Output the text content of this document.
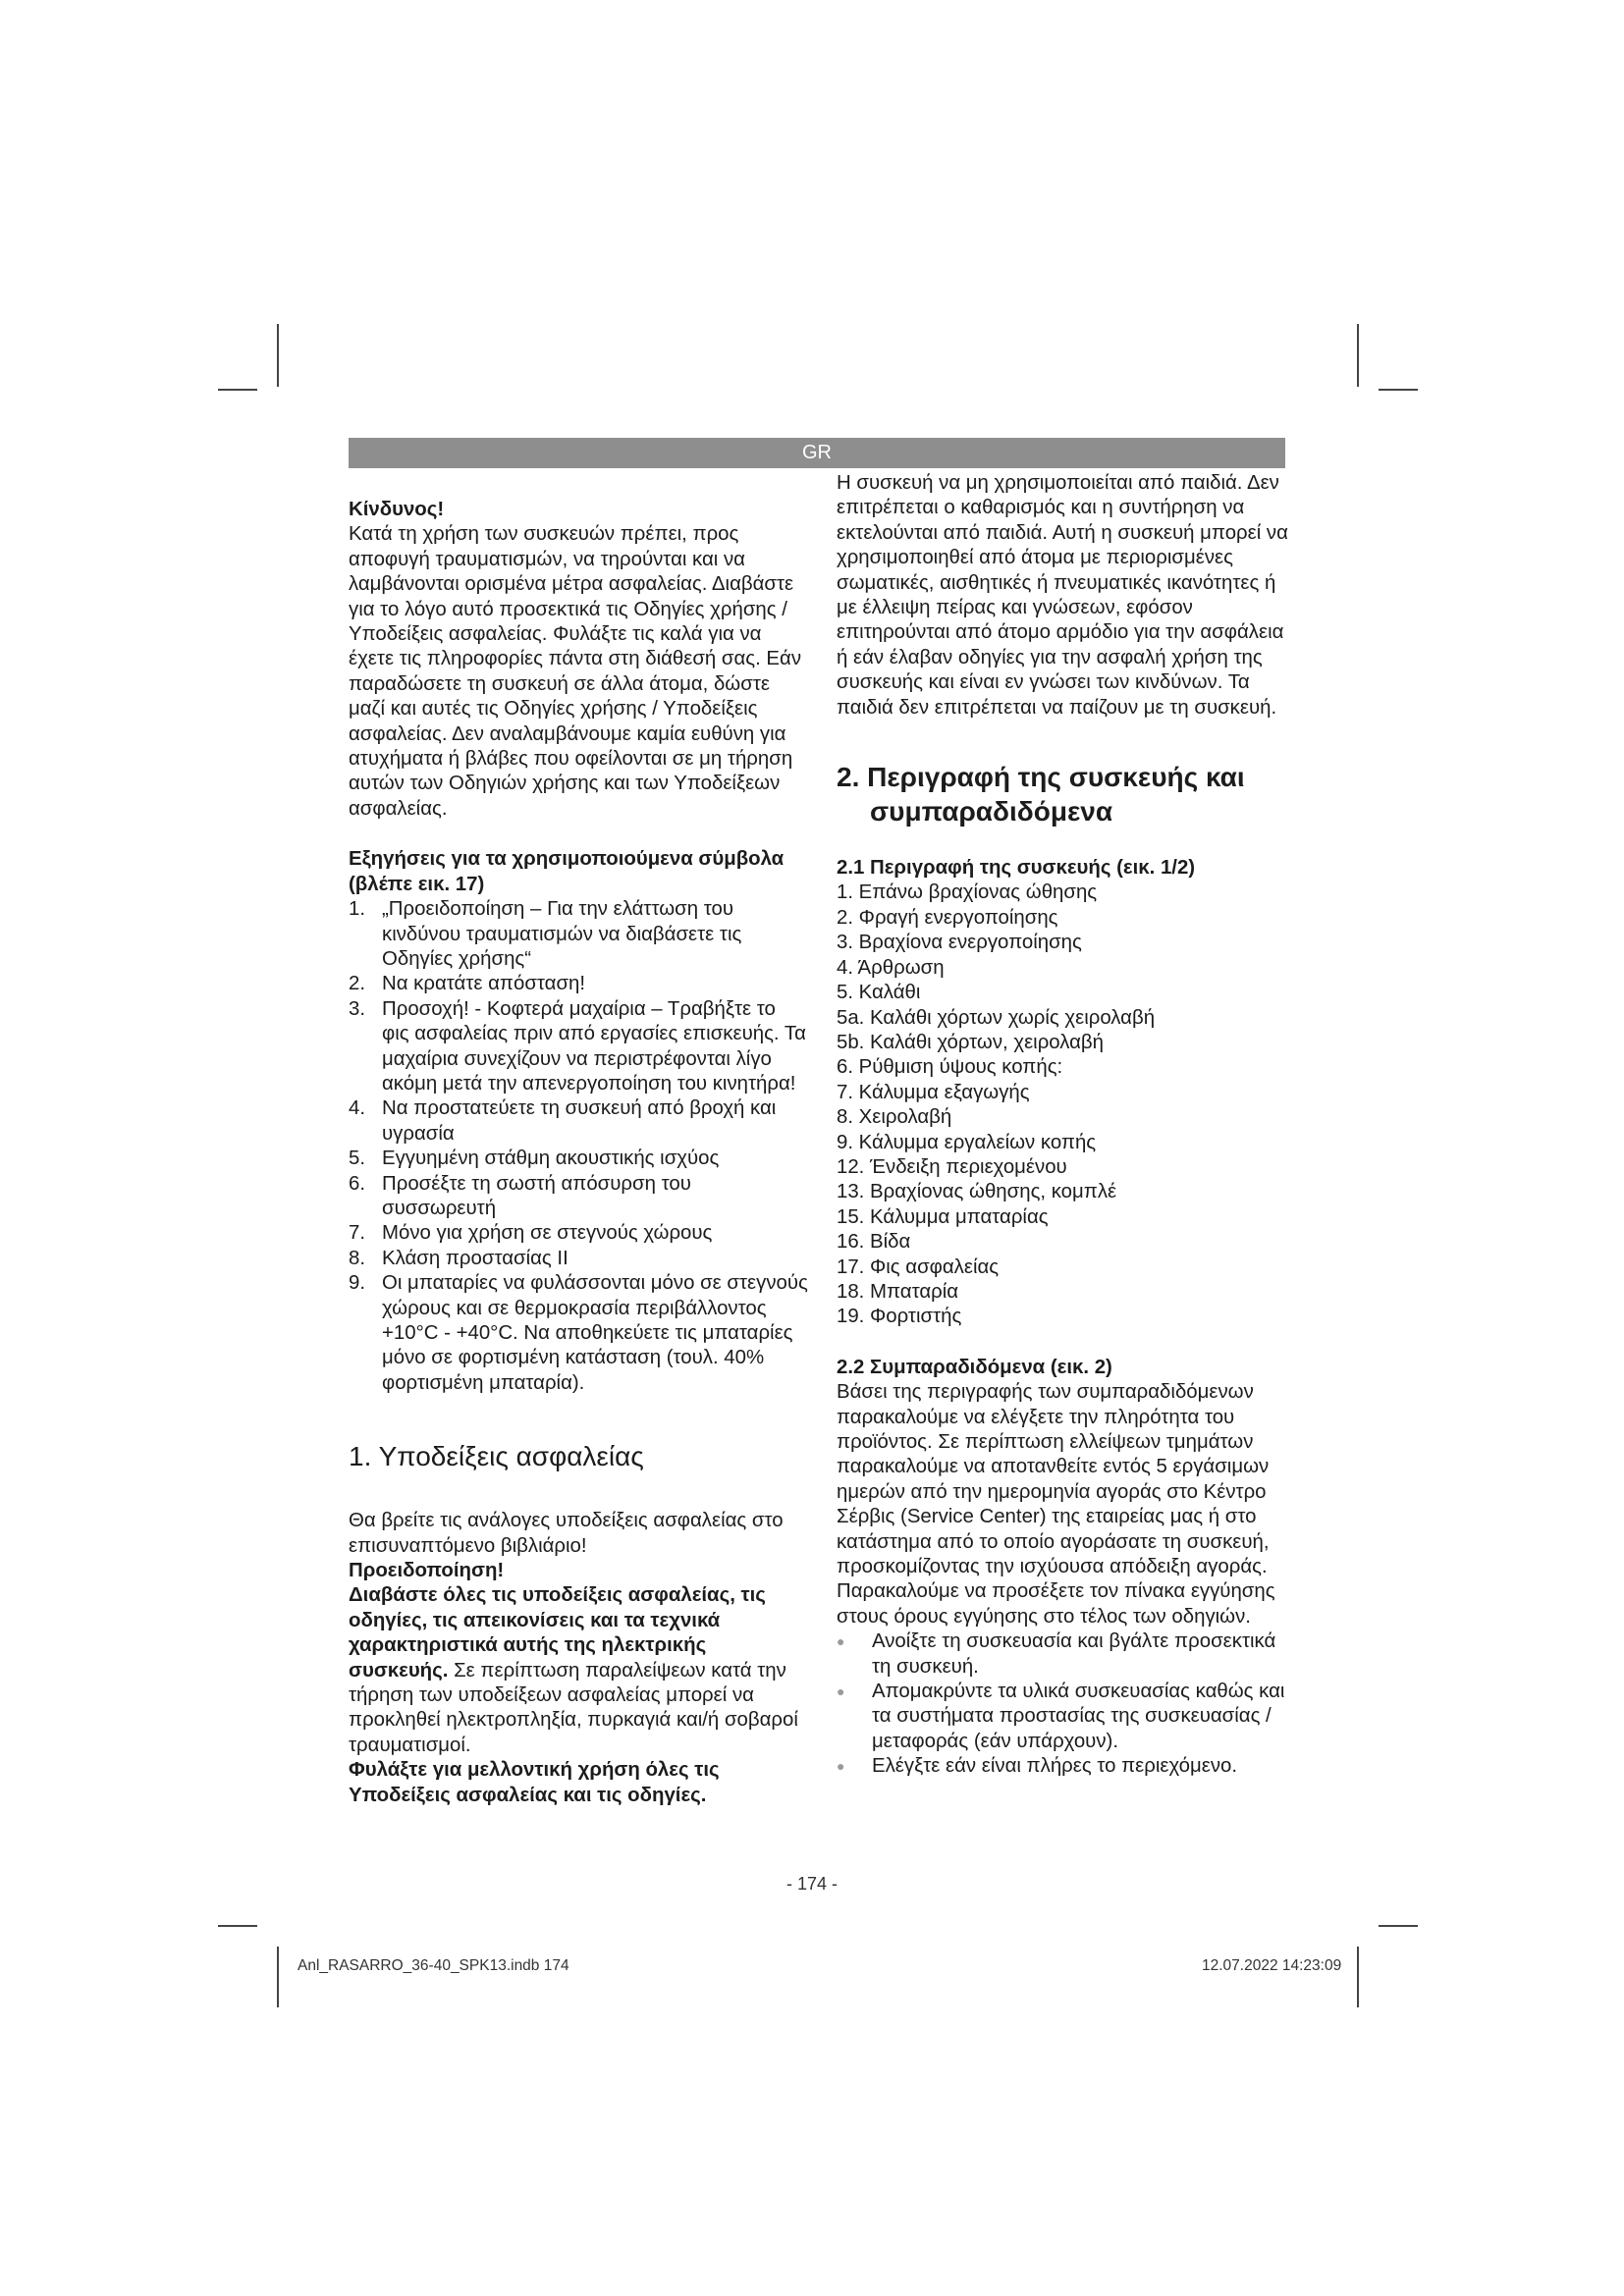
GR

Κίνδυνος!

Κατά τη χρήση των συσκευών πρέπει, προς αποφυγή τραυματισμών, να τηρούνται και να λαμβάνονται ορισμένα μέτρα ασφαλείας. Διαβάστε για το λόγο αυτό προσεκτικά τις Οδηγίες χρήσης / Υποδείξεις ασφαλείας. Φυλάξτε τις καλά για να έχετε τις πληροφορίες πάντα στη διάθεσή σας. Εάν παραδώσετε τη συσκευή σε άλλα άτομα, δώστε μαζί και αυτές τις Οδηγίες χρήσης / Υποδείξεις ασφαλείας. Δεν αναλαμβάνουμε καμία ευθύνη για ατυχήματα ή βλάβες που οφείλονται σε μη τήρηση αυτών των Οδηγιών χρήσης και των Υποδείξεων ασφαλείας.

Εξηγήσεις για τα χρησιμοποιούμενα σύμβολα (βλέπε εικ. 17)

1. „Προειδοποίηση – Για την ελάττωση του κινδύνου τραυματισμών να διαβάσετε τις Οδηγίες χρήσης“
2. Να κρατάτε απόσταση!
3. Προσοχή! - Κοφτερά μαχαίρια – Τραβήξτε το φις ασφαλείας πριν από εργασίες επισκευής. Τα μαχαίρια συνεχίζουν να περιστρέφονται λίγο ακόμη μετά την απενεργοποίηση του κινητήρα!
4. Να προστατεύετε τη συσκευή από βροχή και υγρασία
5. Εγγυημένη στάθμη ακουστικής ισχύος
6. Προσέξτε τη σωστή απόσυρση του συσσωρευτή
7. Μόνο για χρήση σε στεγνούς χώρους
8. Κλάση προστασίας II
9. Οι μπαταρίες να φυλάσσονται μόνο σε στεγνούς χώρους και σε θερμοκρασία περιβάλλοντος +10°C - +40°C. Να αποθηκεύετε τις μπαταρίες μόνο σε φορτισμένη κατάσταση (τουλ. 40% φορτισμένη μπαταρία).
1. Υποδείξεις ασφαλείας

Θα βρείτε τις ανάλογες υποδείξεις ασφαλείας στο επισυναπτόμενο βιβλιάριο!

Προειδοποίηση!

Διαβάστε όλες τις υποδείξεις ασφαλείας, τις οδηγίες, τις απεικονίσεις και τα τεχνικά χαρακτηριστικά αυτής της ηλεκτρικής συσκευής. Σε περίπτωση παραλείψεων κατά την τήρηση των υποδείξεων ασφαλείας μπορεί να προκληθεί ηλεκτροπληξία, πυρκαγιά και/ή σοβαροί τραυματισμοί.

Φυλάξτε για μελλοντική χρήση όλες τις Υποδείξεις ασφαλείας και τις οδηγίες.

Η συσκευή να μη χρησιμοποιείται από παιδιά. Δεν επιτρέπεται ο καθαρισμός και η συντήρηση να εκτελούνται από παιδιά. Αυτή η συσκευή μπορεί να χρησιμοποιηθεί από άτομα με περιορισμένες σωματικές, αισθητικές ή πνευματικές ικανότητες ή με έλλειψη πείρας και γνώσεων, εφόσον επιτηρούνται από άτομο αρμόδιο για την ασφάλεια ή εάν έλαβαν οδηγίες για την ασφαλή χρήση της συσκευής και είναι εν γνώσει των κινδύνων. Τα παιδιά δεν επιτρέπεται να παίζουν με τη συσκευή.

2. Περιγραφή της συσκευής και
συμπαραδιδόμενα

2.1 Περιγραφή της συσκευής (εικ. 1/2)

1. Επάνω βραχίονας ώθησης
2. Φραγή ενεργοποίησης
3. Βραχίονα ενεργοποίησης
4. Άρθρωση
5. Καλάθι
5a. Καλάθι χόρτων χωρίς χειρολαβή
5b. Καλάθι χόρτων, χειρολαβή
6. Ρύθμιση ύψους κοπής:
7. Κάλυμμα εξαγωγής
8. Χειρολαβή
9. Κάλυμμα εργαλείων κοπής
12. Ένδειξη περιεχομένου
13. Βραχίονας ώθησης, κομπλέ
15. Κάλυμμα μπαταρίας
16. Βίδα
17. Φις ασφαλείας
18. Μπαταρία
19. Φορτιστής

2.2 Συμπαραδιδόμενα (εικ. 2)

Βάσει της περιγραφής των συμπαραδιδόμενων παρακαλούμε να ελέγξετε την πληρότητα του προϊόντος. Σε περίπτωση ελλείψεων τμημάτων παρακαλούμε να αποτανθείτε εντός 5 εργάσιμων ημερών από την ημερομηνία αγοράς στο Κέντρο Σέρβις (Service Center) της εταιρείας μας ή στο κατάστημα από το οποίο αγοράσατε τη συσκευή, προσκομίζοντας την ισχύουσα απόδειξη αγοράς. Παρακαλούμε να προσέξετε τον πίνακα εγγύησης στους όρους εγγύησης στο τέλος των οδηγιών.

●	Ανοίξτε τη συσκευασία και βγάλτε προσεκτικά τη συσκευή.
●	Απομακρύντε τα υλικά συσκευασίας καθώς και τα συστήματα προστασίας της συσκευασίας / μεταφοράς (εάν υπάρχουν).
●	Ελέγξτε εάν είναι πλήρες το περιεχόμενο.
- 174 -
Anl_RASARRO_36-40_SPK13.indb 174	12.07.2022 14:23:09
